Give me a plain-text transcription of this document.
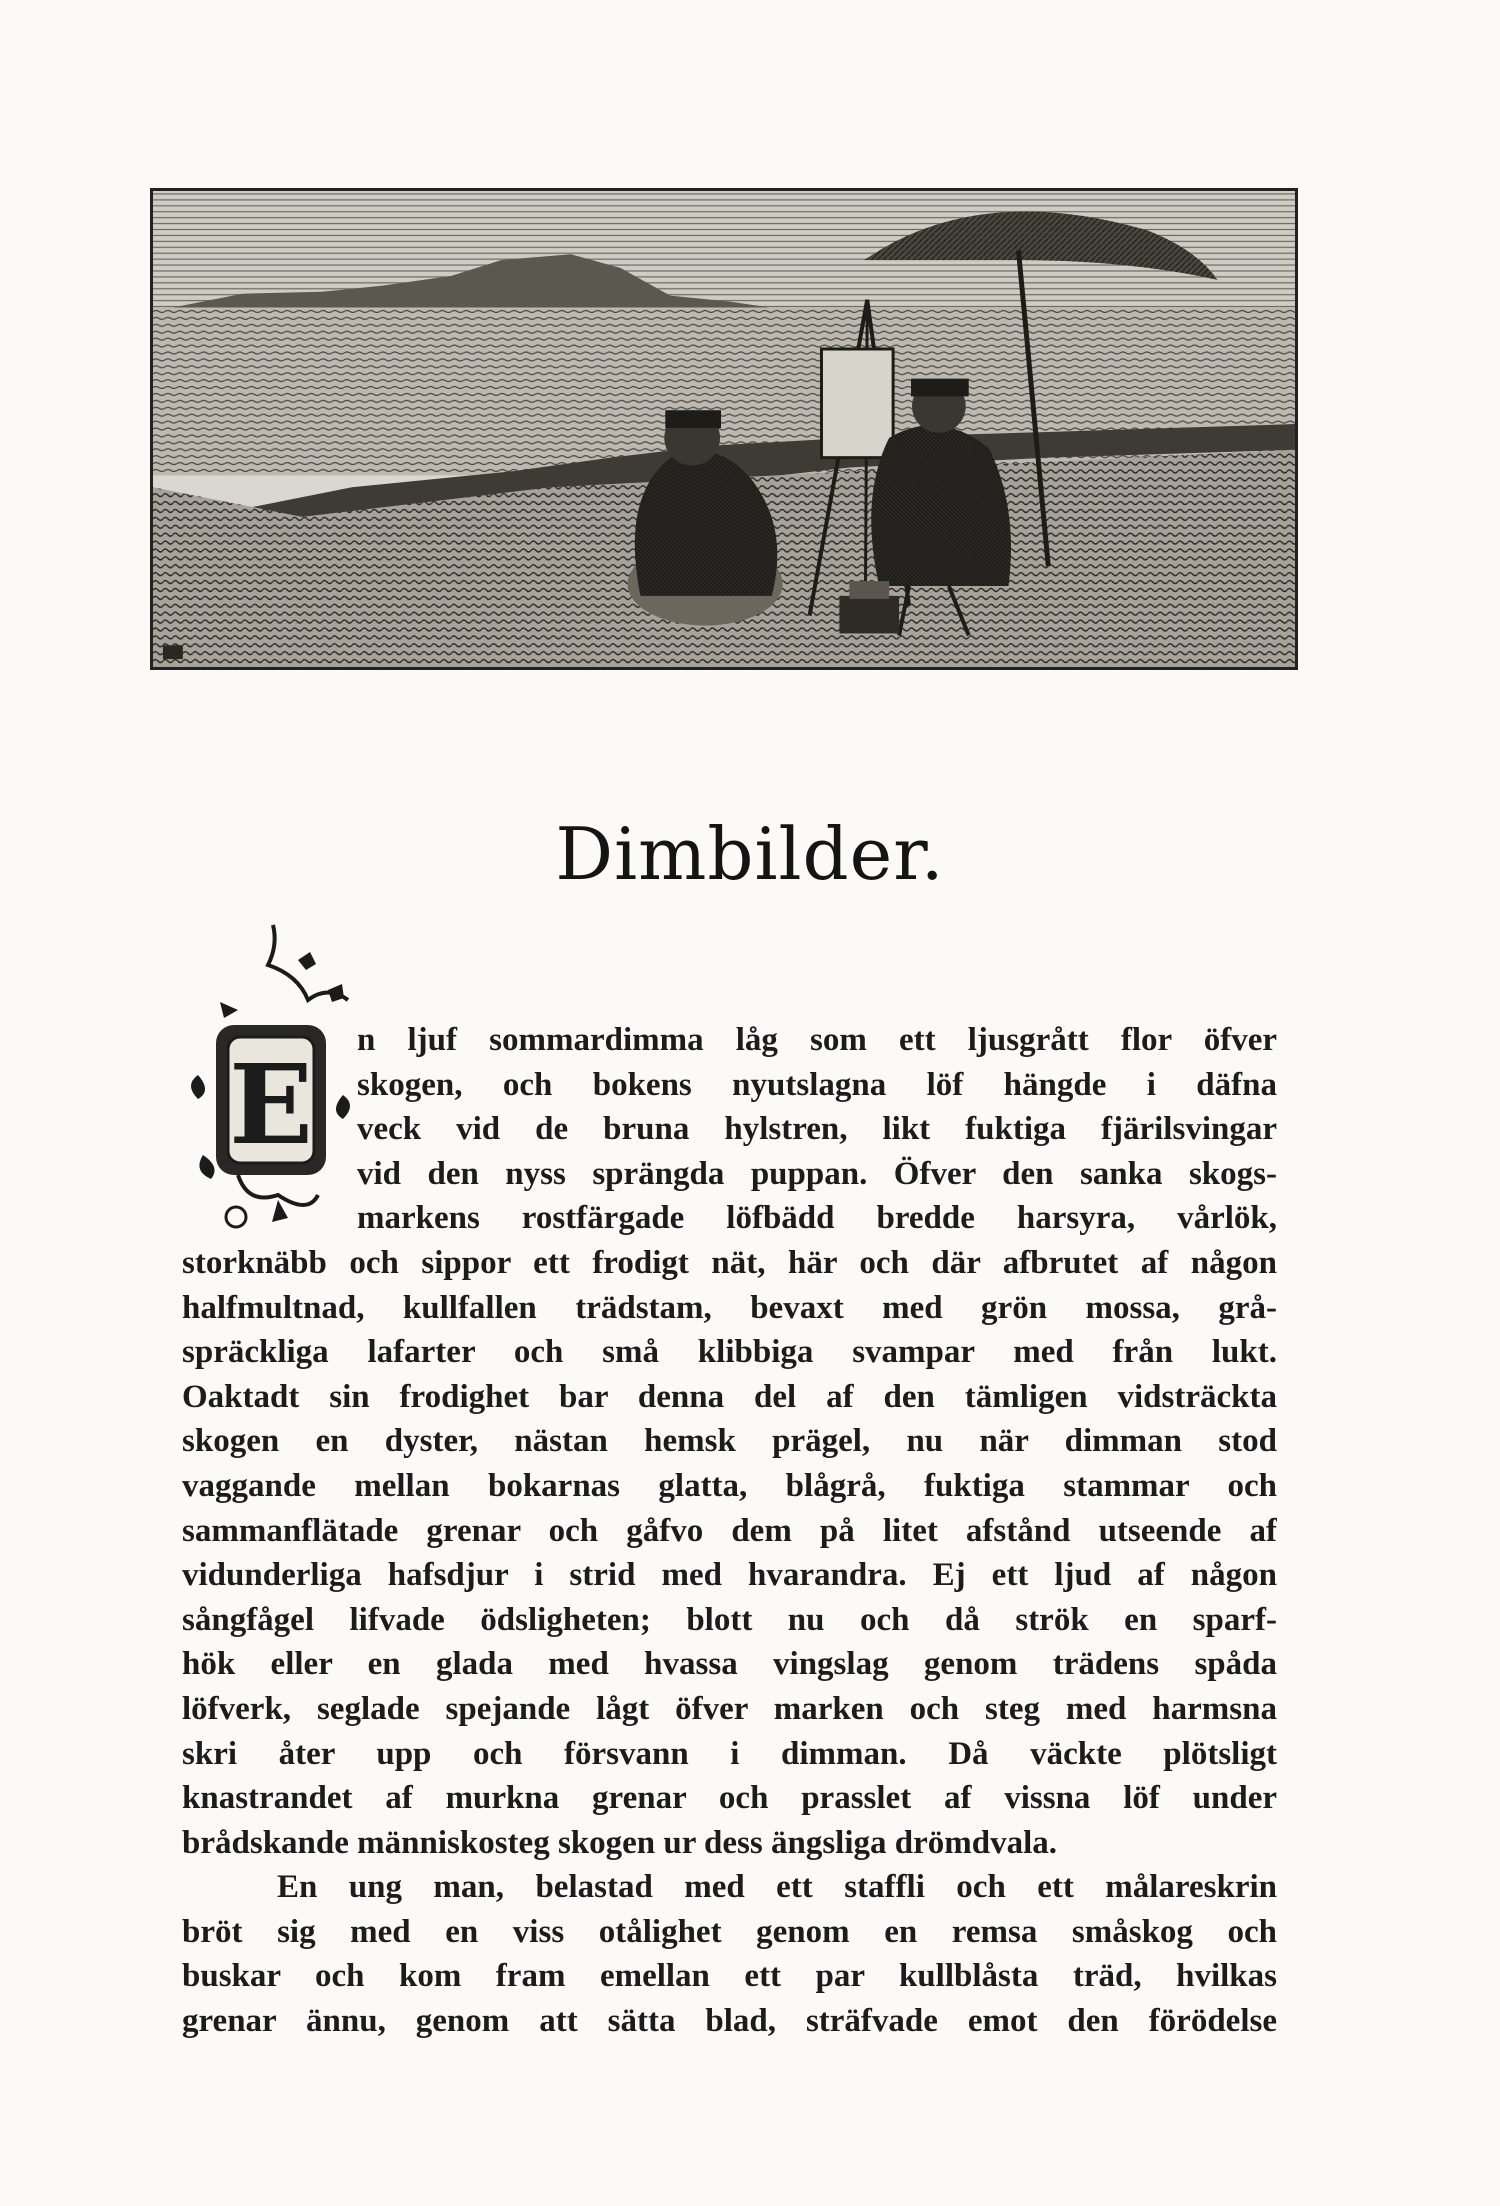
Dimbilder.
E n ljuf sommardimma låg som ett ljusgrått flor öfver
skogen, och bokens nyutslagna löf hängde i däfna
veck vid de bruna hylstren, likt fuktiga fjärilsvingar
vid den nyss sprängda puppan. Öfver den sanka skogs-
markens rostfärgade löfbädd bredde harsyra, vårlök,
storknäbb och sippor ett frodigt nät, här och där afbrutet af någon
halfmultnad, kullfallen trädstam, bevaxt med grön mossa, grå-
spräckliga lafarter och små klibbiga svampar med från lukt.
Oaktadt sin frodighet bar denna del af den tämligen vidsträckta
skogen en dyster, nästan hemsk prägel, nu när dimman stod
vaggande mellan bokarnas glatta, blågrå, fuktiga stammar och
sammanflätade grenar och gåfvo dem på litet afstånd utseende af
vidunderliga hafsdjur i strid med hvarandra. Ej ett ljud af någon
sångfågel lifvade ödsligheten; blott nu och då strök en sparf-
hök eller en glada med hvassa vingslag genom trädens spåda
löfverk, seglade spejande lågt öfver marken och steg med harmsna
skri åter upp och försvann i dimman. Då väckte plötsligt
knastrandet af murkna grenar och prasslet af vissna löf under
brådskande människosteg skogen ur dess ängsliga drömdvala.
En ung man, belastad med ett staffli och ett målareskrin
bröt sig med en viss otålighet genom en remsa småskog och
buskar och kom fram emellan ett par kullblåsta träd, hvilkas
grenar ännu, genom att sätta blad, sträfvade emot den förödelse
